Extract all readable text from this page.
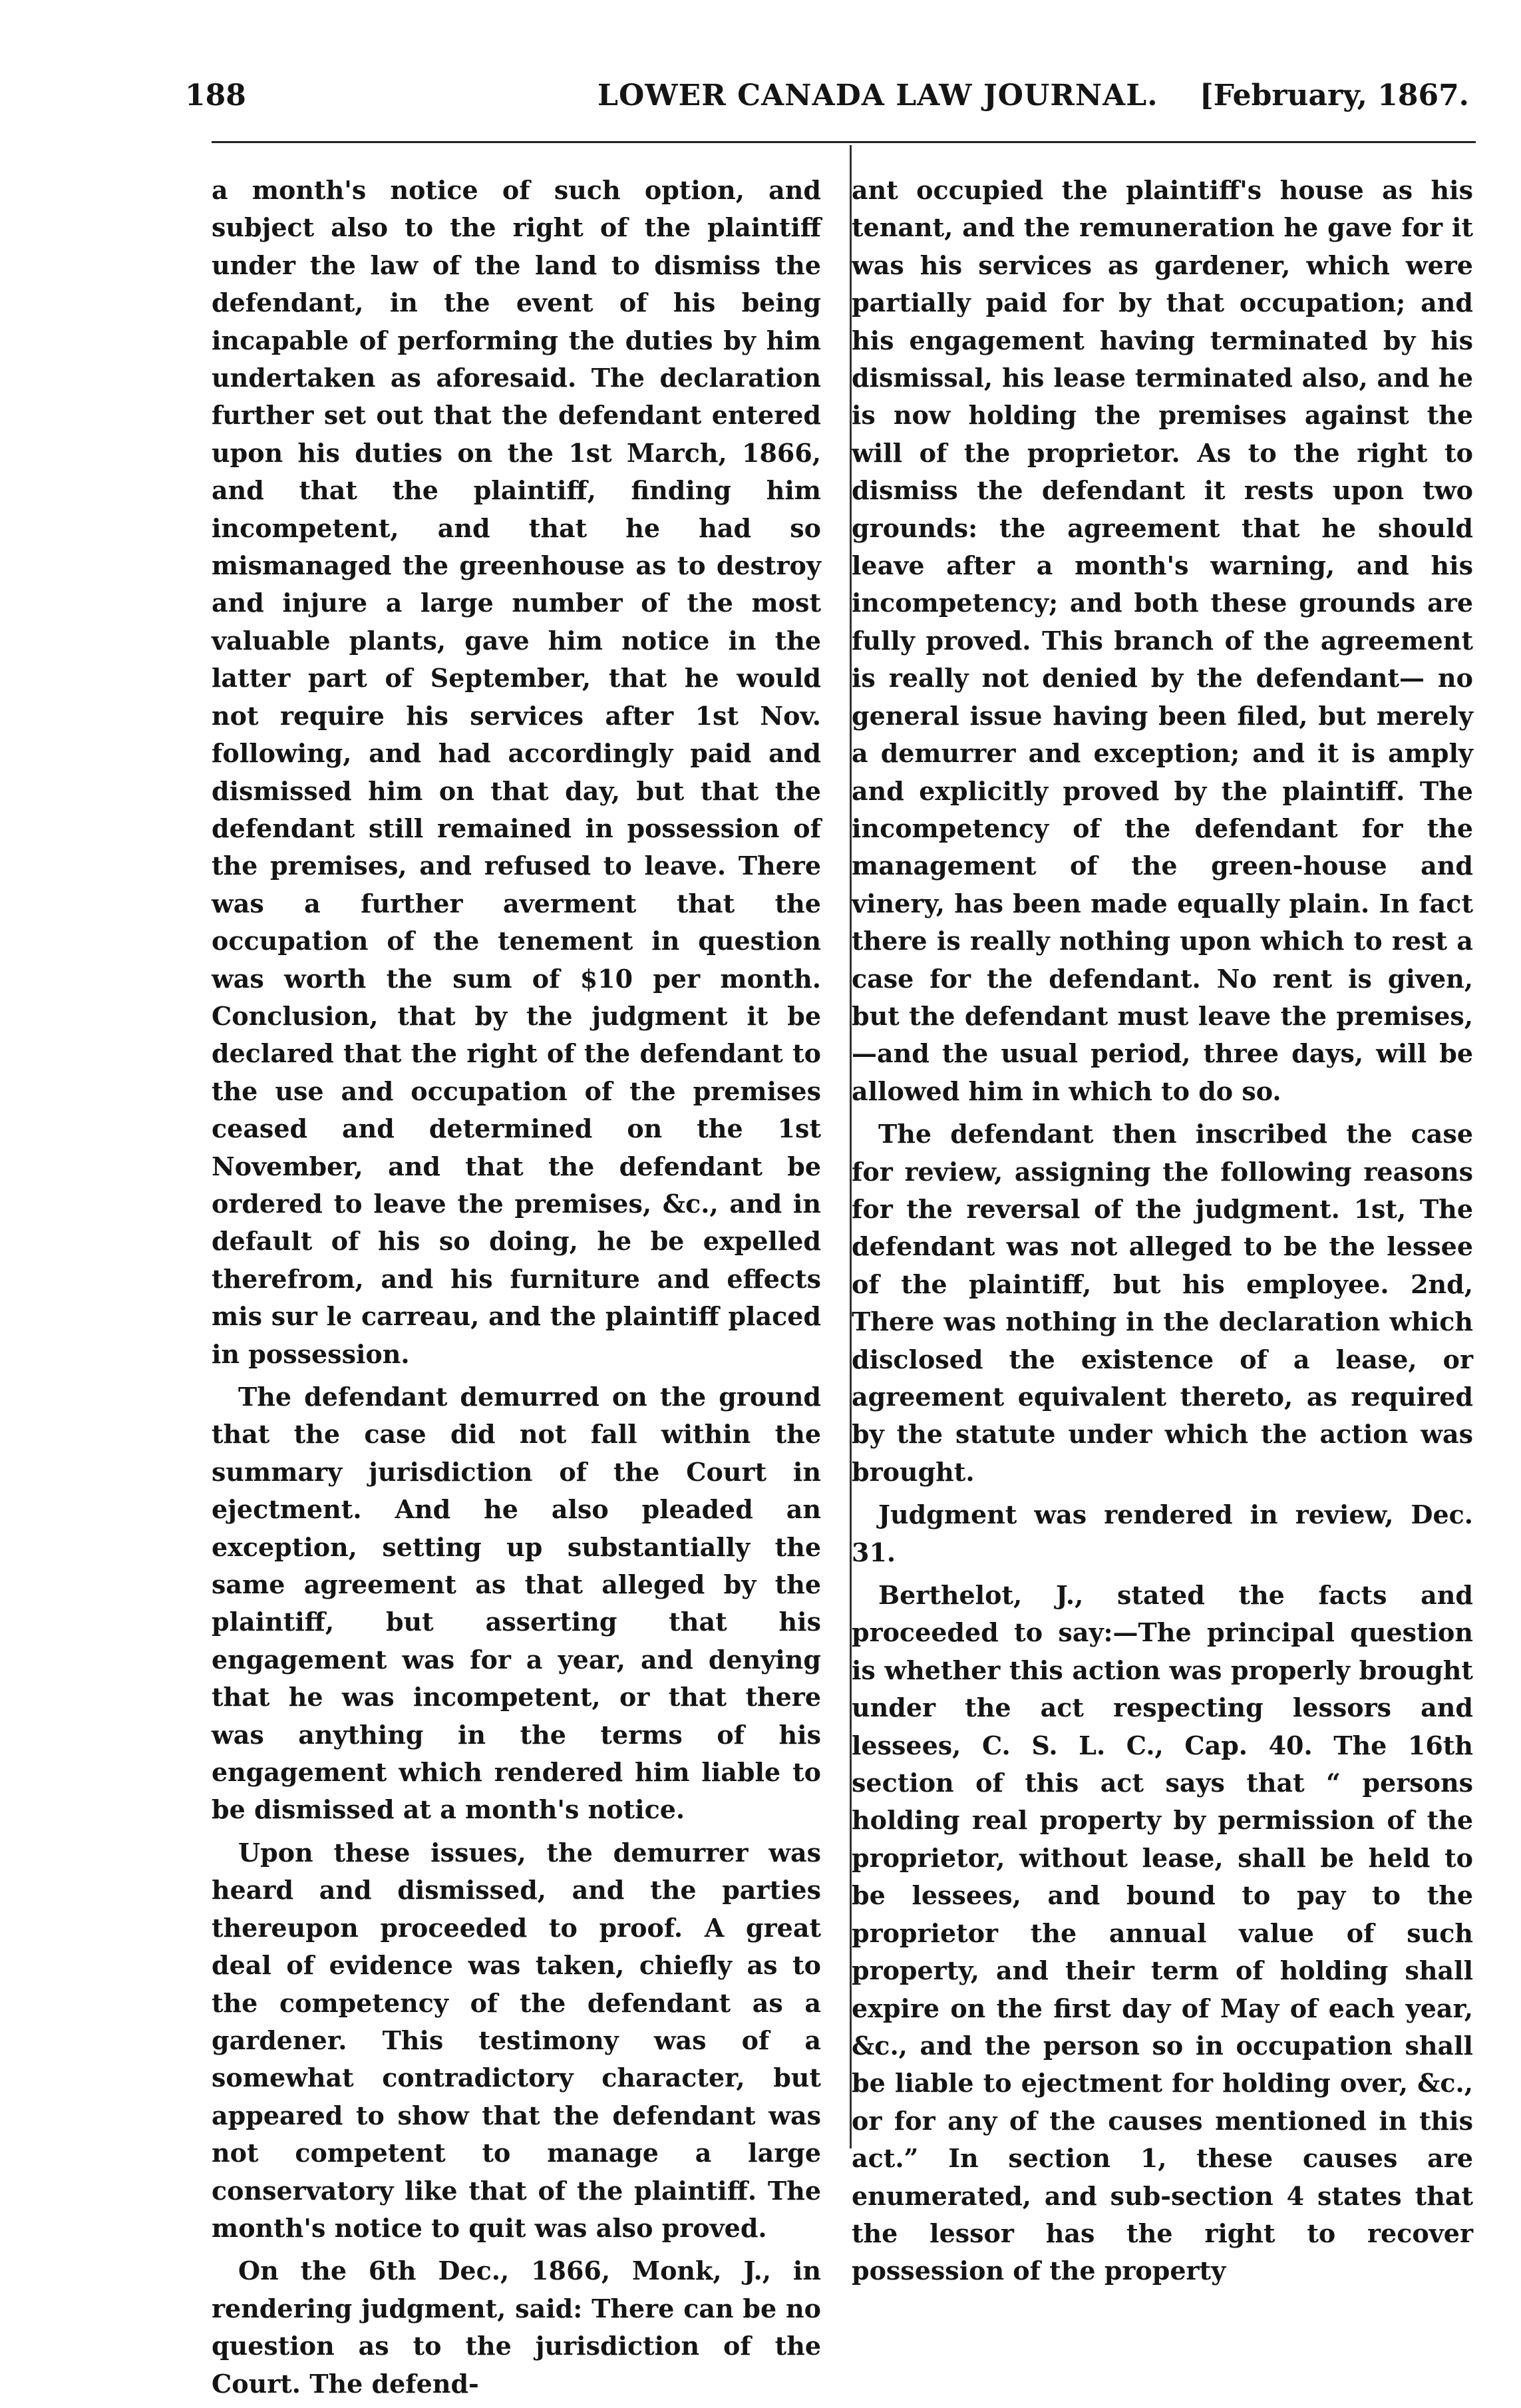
188	LOWER CANADA LAW JOURNAL. [February, 1867.

a month's notice of such option, and subject also to the right of the plaintiff under the law of the land to dismiss the defendant, in the event of his being incapable of performing the duties by him undertaken as aforesaid. The declaration further set out that the defendant entered upon his duties on the 1st March, 1866, and that the plaintiff, finding him incompetent, and that he had so mismanaged the greenhouse as to destroy and injure a large number of the most valuable plants, gave him notice in the latter part of September, that he would not require his services after 1st Nov. following, and had accordingly paid and dismissed him on that day, but that the defendant still remained in possession of the premises, and refused to leave. There was a further averment that the occupation of the tenement in question was worth the sum of $10 per month. Conclusion, that by the judgment it be declared that the right of the defendant to the use and occupation of the premises ceased and determined on the 1st November, and that the defendant be ordered to leave the premises, &c., and in default of his so doing, he be expelled therefrom, and his furniture and effects mis sur le carreau, and the plaintiff placed in possession.

The defendant demurred on the ground that the case did not fall within the summary jurisdiction of the Court in ejectment. And he also pleaded an exception, setting up substantially the same agreement as that alleged by the plaintiff, but asserting that his engagement was for a year, and denying that he was incompetent, or that there was anything in the terms of his engagement which rendered him liable to be dismissed at a month's notice.

Upon these issues, the demurrer was heard and dismissed, and the parties thereupon proceeded to proof. A great deal of evidence was taken, chiefly as to the competency of the defendant as a gardener. This testimony was of a somewhat contradictory character, but appeared to show that the defendant was not competent to manage a large conservatory like that of the plaintiff. The month's notice to quit was also proved.

On the 6th Dec., 1866, Monk, J., in rendering judgment, said: There can be no question as to the jurisdiction of the Court. The defend-

ant occupied the plaintiff's house as his tenant, and the remuneration he gave for it was his services as gardener, which were partially paid for by that occupation; and his engagement having terminated by his dismissal, his lease terminated also, and he is now holding the premises against the will of the proprietor. As to the right to dismiss the defendant it rests upon two grounds: the agreement that he should leave after a month's warning, and his incompetency; and both these grounds are fully proved. This branch of the agreement is really not denied by the defendant— no general issue having been filed, but merely a demurrer and exception; and it is amply and explicitly proved by the plaintiff. The incompetency of the defendant for the management of the green-house and vinery, has been made equally plain. In fact there is really nothing upon which to rest a case for the defendant. No rent is given, but the defendant must leave the premises,—and the usual period, three days, will be allowed him in which to do so.

The defendant then inscribed the case for review, assigning the following reasons for the reversal of the judgment. 1st, The defendant was not alleged to be the lessee of the plaintiff, but his employee. 2nd, There was nothing in the declaration which disclosed the existence of a lease, or agreement equivalent thereto, as required by the statute under which the action was brought.

Judgment was rendered in review, Dec. 31.

Berthelot, J., stated the facts and proceeded to say:—The principal question is whether this action was properly brought under the act respecting lessors and lessees, C. S. L. C., Cap. 40. The 16th section of this act says that “ persons holding real property by permission of the proprietor, without lease, shall be held to be lessees, and bound to pay to the proprietor the annual value of such property, and their term of holding shall expire on the first day of May of each year, &c., and the person so in occupation shall be liable to ejectment for holding over, &c., or for any of the causes mentioned in this act.” In section 1, these causes are enumerated, and sub-section 4 states that the lessor has the right to recover possession of the property
